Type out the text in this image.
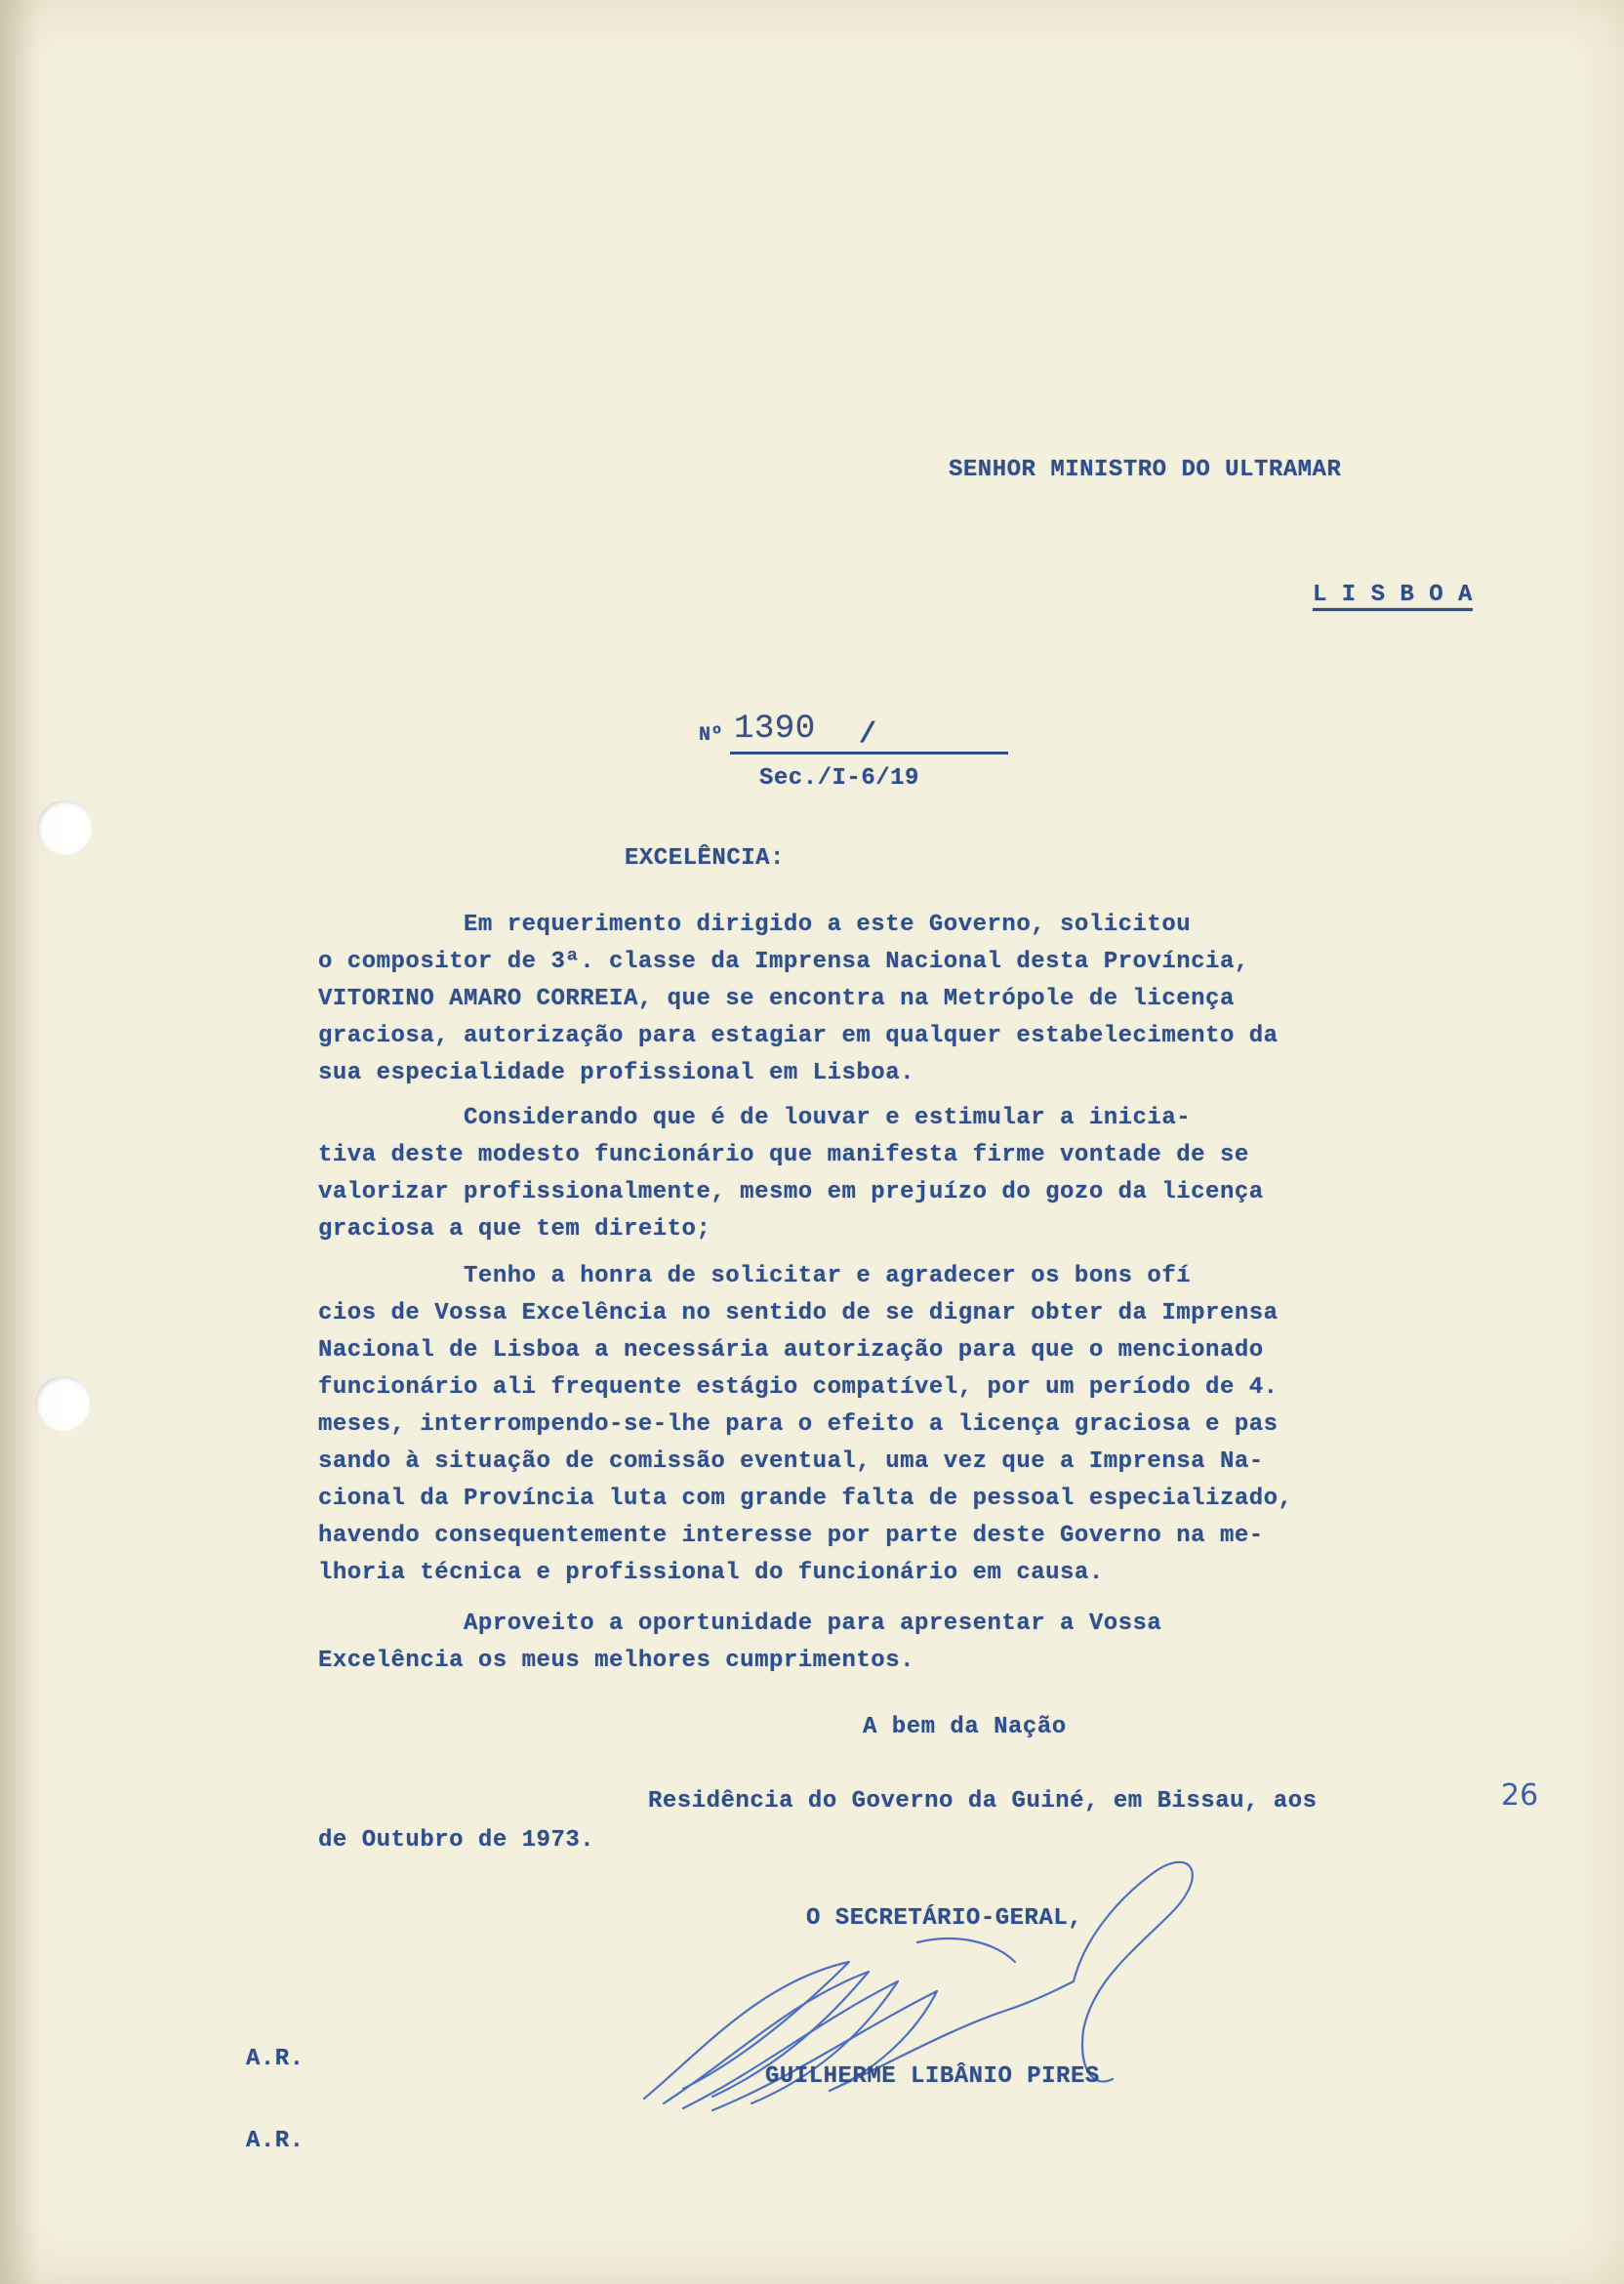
SENHOR MINISTRO DO ULTRAMAR
L I S B O A
Nº 1390 /
Sec./I-6/19
EXCELÊNCIA:

Em requerimento dirigido a este Governo, solicitou

o compositor de 3ª. classe da Imprensa Nacional desta Província,

VITORINO AMARO CORREIA, que se encontra na Metrópole de licença

graciosa, autorização para estagiar em qualquer estabelecimento da

sua especialidade profissional em Lisboa.

Considerando que é de louvar e estimular a inicia-

tiva deste modesto funcionário que manifesta firme vontade de se

valorizar profissionalmente, mesmo em prejuízo do gozo da licença

graciosa a que tem direito;

Tenho a honra de solicitar e agradecer os bons ofí

cios de Vossa Excelência no sentido de se dignar obter da Imprensa

Nacional de Lisboa a necessária autorização para que o mencionado

funcionário ali frequente estágio compatível, por um período de 4.

meses, interrompendo-se-lhe para o efeito a licença graciosa e pas

sando à situação de comissão eventual, uma vez que a Imprensa Na-

cional da Província luta com grande falta de pessoal especializado,

havendo consequentemente interesse por parte deste Governo na me-

lhoria técnica e profissional do funcionário em causa.

Aproveito a oportunidade para apresentar a Vossa

Excelência os meus melhores cumprimentos.

A bem da Nação
Residência do Governo da Guiné, em Bissau, aos	26
de Outubro de 1973.
O SECRETÁRIO-GERAL,
GUILHERME LIBÂNIO PIRES
A.R.
A.R.
